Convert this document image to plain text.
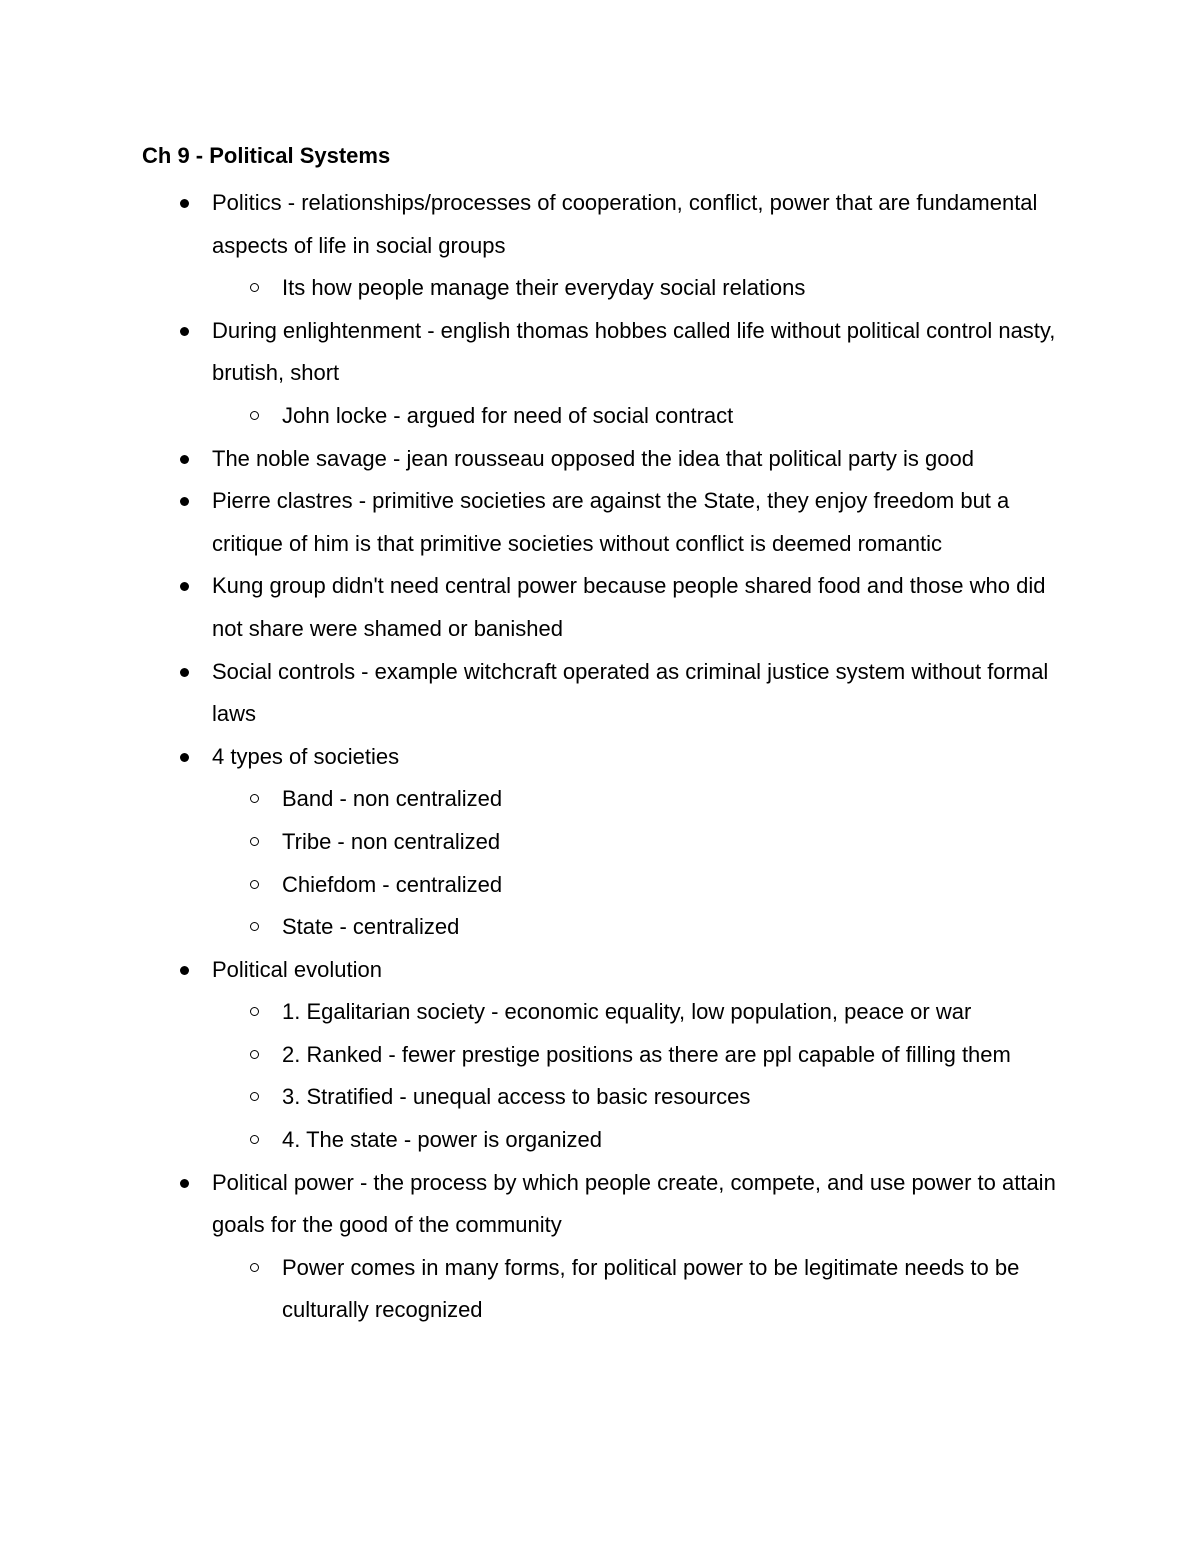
Ch 9 - Political Systems
Politics - relationships/processes of cooperation, conflict, power that are fundamental aspects of life in social groups
Its how people manage their everyday social relations
During enlightenment - english thomas hobbes called life without political control nasty, brutish, short
John locke - argued for need of social contract
The noble savage - jean rousseau opposed the idea that political party is good
Pierre clastres - primitive societies are against the State, they enjoy freedom but a critique of him is that primitive societies without conflict is deemed romantic
Kung group didn't need central power because people shared food and those who did not share were shamed or banished
Social controls - example witchcraft operated as criminal justice system without formal laws
4 types of societies
Band - non centralized
Tribe - non centralized
Chiefdom - centralized
State - centralized
Political evolution
1. Egalitarian society - economic equality, low population, peace or war
2. Ranked - fewer prestige positions as there are ppl capable of filling them
3. Stratified - unequal access to basic resources
4. The state - power is organized
Political power - the process by which people create, compete, and use power to attain goals for the good of the community
Power comes in many forms, for political power to be legitimate needs to be culturally recognized
